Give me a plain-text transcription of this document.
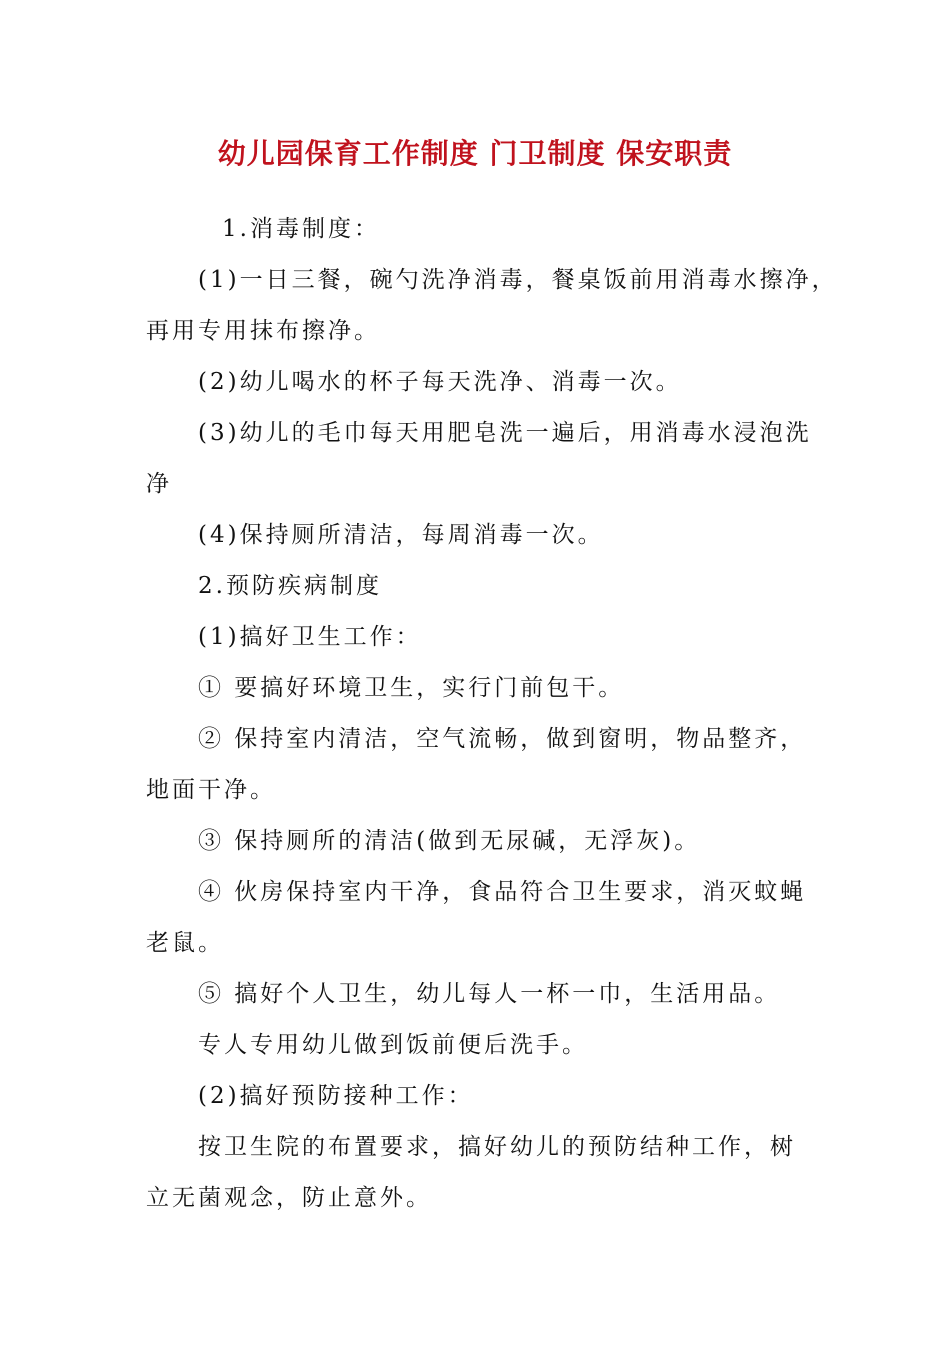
幼儿园保育工作制度 门卫制度 保安职责

1.消毒制度：

(1)一日三餐，碗勺洗净消毒，餐桌饭前用消毒水擦净，

再用专用抹布擦净。

(2)幼儿喝水的杯子每天洗净、消毒一次。

(3)幼儿的毛巾每天用肥皂洗一遍后，用消毒水浸泡洗

净

(4)保持厕所清洁，每周消毒一次。

2.预防疾病制度

(1)搞好卫生工作：

① 要搞好环境卫生，实行门前包干。

② 保持室内清洁，空气流畅，做到窗明，物品整齐，

地面干净。

③ 保持厕所的清洁(做到无尿碱，无浮灰)。

④ 伙房保持室内干净，食品符合卫生要求，消灭蚊蝇

老鼠。

⑤ 搞好个人卫生，幼儿每人一杯一巾，生活用品。

专人专用幼儿做到饭前便后洗手。

(2)搞好预防接种工作：

按卫生院的布置要求，搞好幼儿的预防结种工作，树

立无菌观念，防止意外。
